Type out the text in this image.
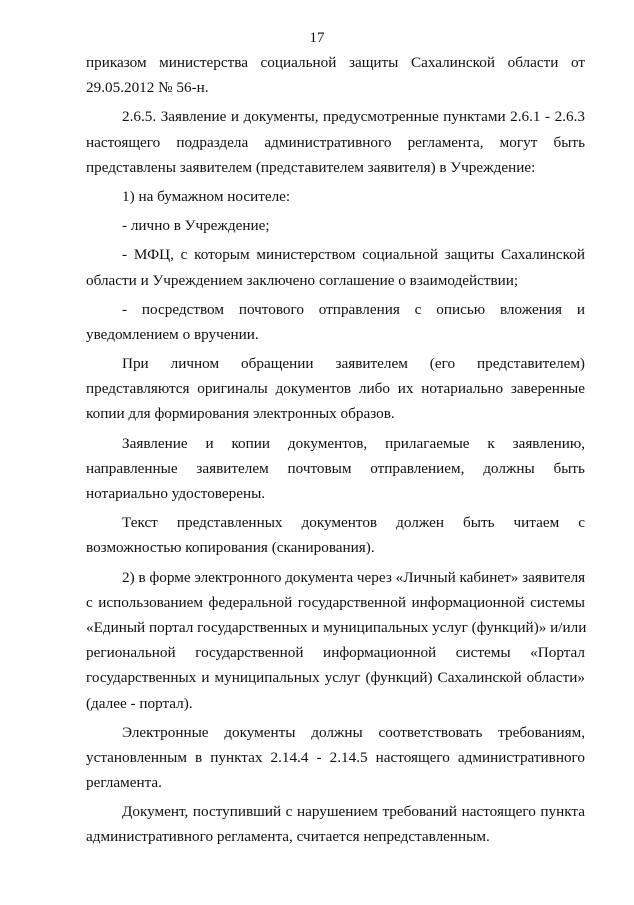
17
приказом министерства социальной защиты Сахалинской области от
29.05.2012 № 56-н.
2.6.5. Заявление и документы, предусмотренные пунктами 2.6.1 - 2.6.3
настоящего подраздела административного регламента, могут быть
представлены заявителем (представителем заявителя) в Учреждение:
1) на бумажном носителе:
- лично в Учреждение;
- МФЦ, с которым министерством социальной защиты Сахалинской
области и Учреждением заключено соглашение о взаимодействии;
- посредством почтового отправления с описью вложения и
уведомлением о вручении.
При личном обращении заявителем (его представителем)
представляются оригиналы документов либо их нотариально заверенные
копии для формирования электронных образов.
Заявление и копии документов, прилагаемые к заявлению,
направленные заявителем почтовым отправлением, должны быть
нотариально удостоверены.
Текст представленных документов должен быть читаем с
возможностью копирования (сканирования).
2) в форме электронного документа через «Личный кабинет» заявителя
с использованием федеральной государственной информационной системы
«Единый портал государственных и муниципальных услуг (функций)» и/или
региональной государственной информационной системы «Портал
государственных и муниципальных услуг (функций) Сахалинской области»
(далее - портал).
Электронные документы должны соответствовать требованиям,
установленным в пунктах 2.14.4 - 2.14.5 настоящего административного
регламента.
Документ, поступивший с нарушением требований настоящего пункта
административного регламента, считается непредставленным.
